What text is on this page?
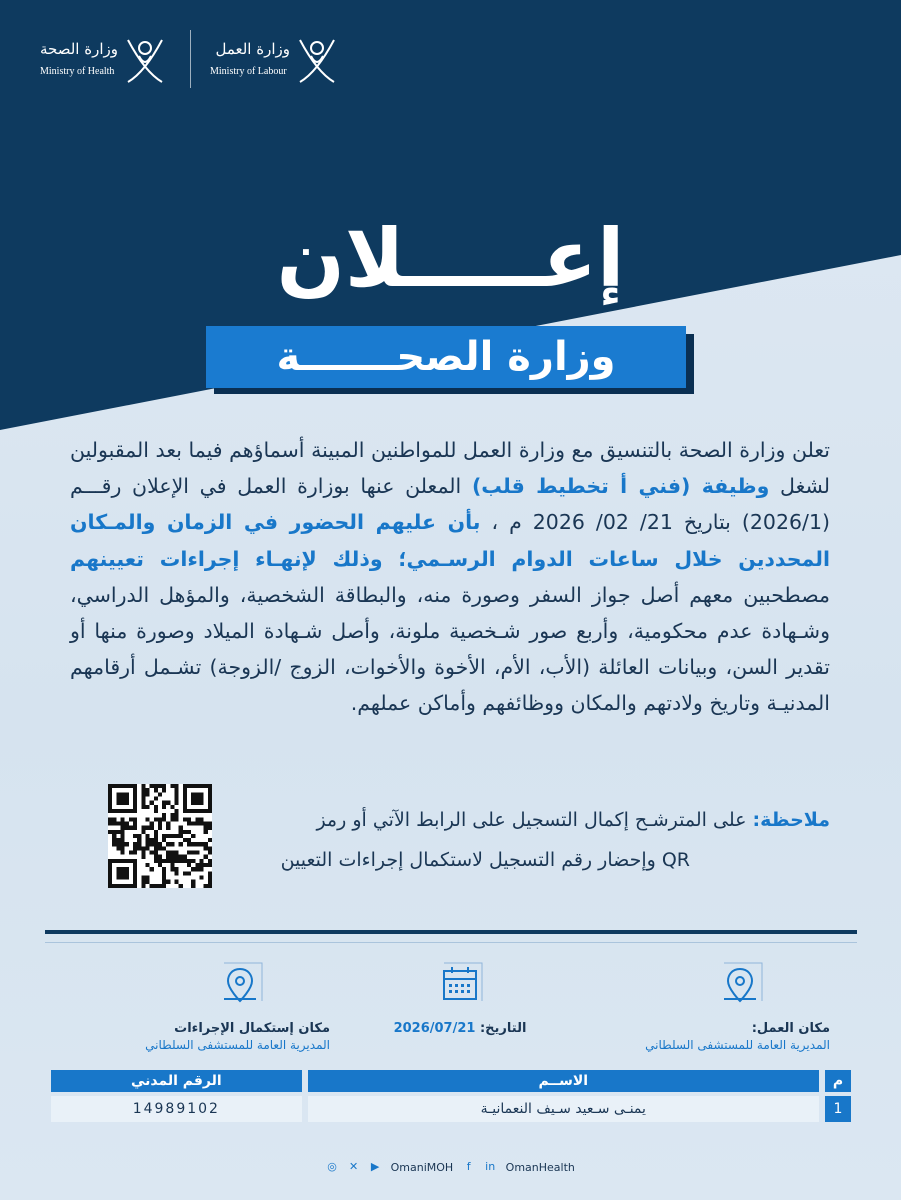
وزارة الصحة
Ministry of Health
وزارة العمل
Ministry of Labour
إعـــــلان
وزارة الصحـــــــة
تعلن وزارة الصحة بالتنسيق مع وزارة العمل للمواطنين المبينة أسماؤهم فيما بعد المقبولين لشغل وظيفة (فني أ تخطيط قلب) المعلن عنها بوزارة العمل في الإعلان رقـــم (2026/1) بتاريخ 21/ 02/ 2026 م ، بأن عليهم الحضور في الزمان والمـكان المحددين خلال ساعات الدوام الرسـمي؛ وذلك لإنهـاء إجراءات تعيينهم مصطحبين معهم أصل جواز السفر وصورة منه، والبطاقة الشخصية، والمؤهل الدراسي، وشـهادة عدم محكومية، وأربع صور شـخصية ملونة، وأصل شـهادة الميلاد وصورة منها أو تقدير السن، وبيانات العائلة (الأب، الأم، الأخوة والأخوات، الزوج /الزوجة) تشـمل أرقامهم المدنيـة وتاريخ ولادتهم والمكان ووظائفهم وأماكن عملهم.
ملاحظة: على المترشـح إكمال التسجيل على الرابط الآتي أو رمز
QR وإحضار رقم التسجيل لاستكمال إجراءات التعيين
مكان العمل:
المديرية العامة للمستشفى السلطاني
التاريخ: 2026/07/21
مكان إستكمال الإجراءات
المديرية العامة للمستشفى السلطاني
م	الاســم	الرقم المدني
1	يمنـى سـعيد سـيف النعمانيـة	14989102
◎ ✕ ▶ OmaniMOH f in OmanHealth
